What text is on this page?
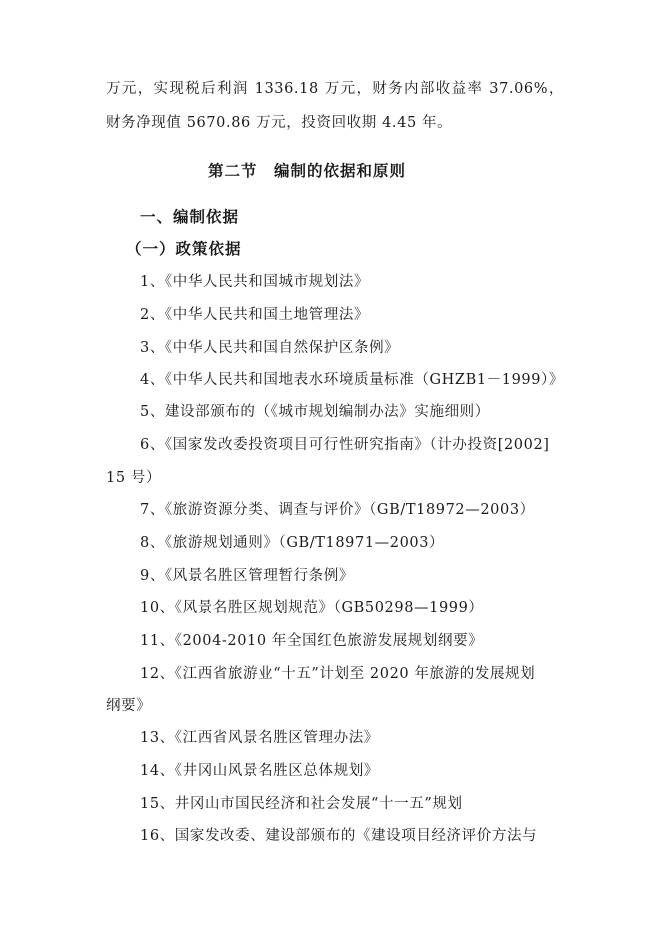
万元，实现税后利润 1336.18 万元，财务内部收益率 37.06%，
财务净现值 5670.86 万元，投资回收期 4.45 年。
第二节　编制的依据和原则
一、编制依据
（一）政策依据
1、《中华人民共和国城市规划法》
2、《中华人民共和国土地管理法》
3、《中华人民共和国自然保护区条例》
4、《中华人民共和国地表水环境质量标准（GHZB1－1999）》
5、建设部颁布的（《城市规划编制办法》实施细则）
6、《国家发改委投资项目可行性研究指南》（计办投资[2002]
15 号）
7、《旅游资源分类、调查与评价》（GB/T18972—2003）
8、《旅游规划通则》（GB/T18971—2003）
9、《风景名胜区管理暂行条例》
10、《风景名胜区规划规范》（GB50298—1999）
11、《2004-2010 年全国红色旅游发展规划纲要》
12、《江西省旅游业“十五”计划至 2020 年旅游的发展规划
纲要》
13、《江西省风景名胜区管理办法》
14、《井冈山风景名胜区总体规划》
15、井冈山市国民经济和社会发展“十一五”规划
16、国家发改委、建设部颁布的《建设项目经济评价方法与
